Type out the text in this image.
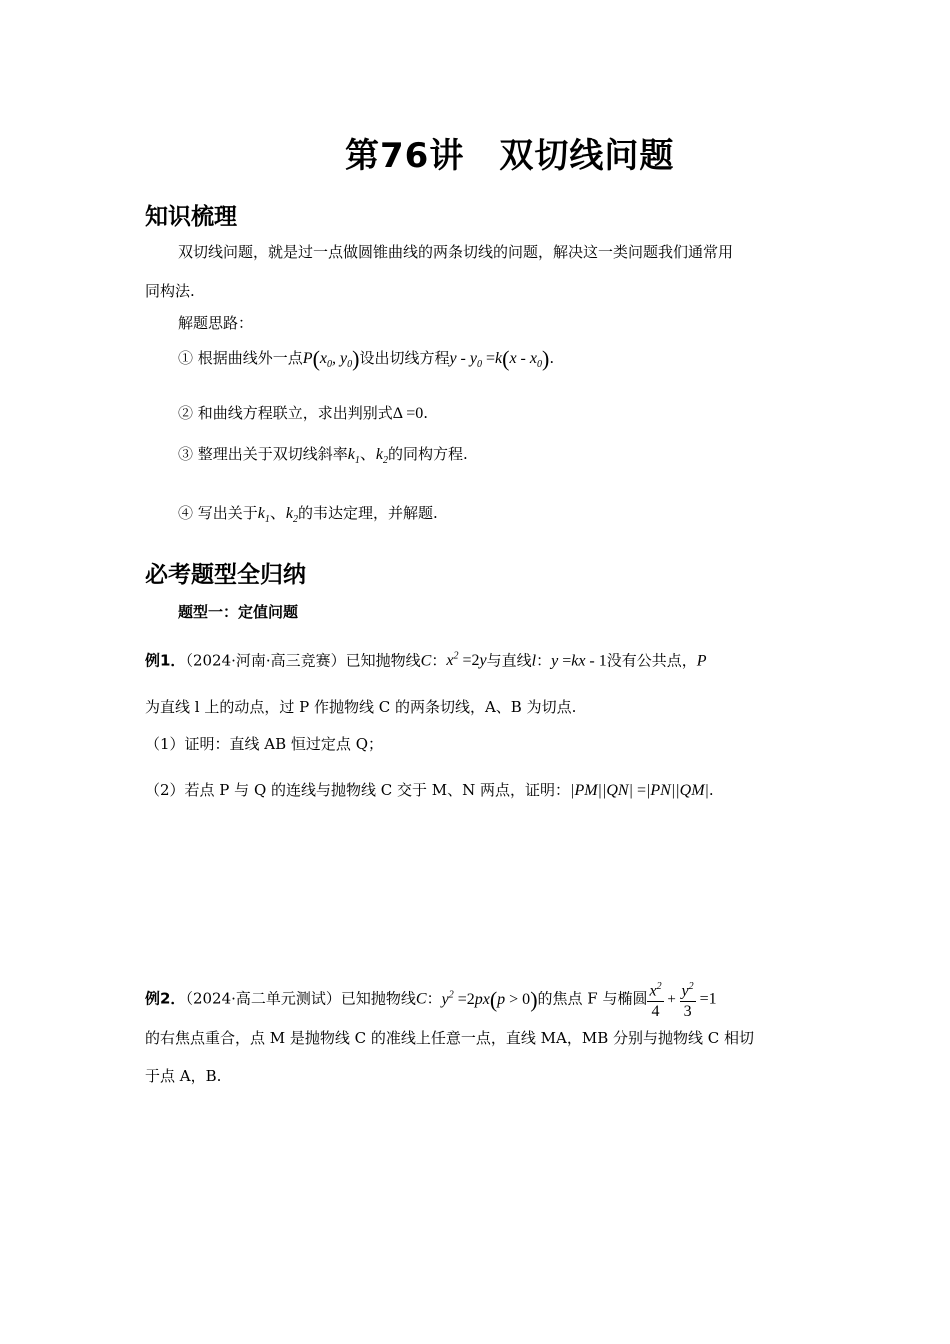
第76讲　双切线问题
知识梳理
双切线问题，就是过一点做圆锥曲线的两条切线的问题，解决这一类问题我们通常用
同构法.
解题思路：
① 根据曲线外一点$P(x_0$, $y_0$)设出切线方程$y - y_0 =k(x - x_0)$.
② 和曲线方程联立，求出判别式Δ =0.
③ 整理出关于双切线斜率$k_1$、$k_2$的同构方程.
④ 写出关于$k_1$、$k_2$的韦达定理，并解题.
必考题型全归纳
题型一：定值问题
例1．（2024·河南·高三竞赛）已知抛物线C：$x^2 =2y$与直线l：y =kx - 1没有公共点，P
为直线 l 上的动点，过 P 作抛物线 C 的两条切线，A、B 为切点.
（1）证明：直线 AB 恒过定点 Q；
（2）若点 P 与 Q 的连线与抛物线 C 交于 M、N 两点，证明：|PM||QN| =|PN||QM|.
例2．（2024·高二单元测试）已知抛物线C：$y^2 =2px(p > 0)$的焦点 F 与椭圆 $\frac{x^2}{4} + \frac{y^2}{3} =1$
的右焦点重合，点 M 是抛物线 C 的准线上任意一点，直线 MA，MB 分别与抛物线 C 相切
于点 A，B.
